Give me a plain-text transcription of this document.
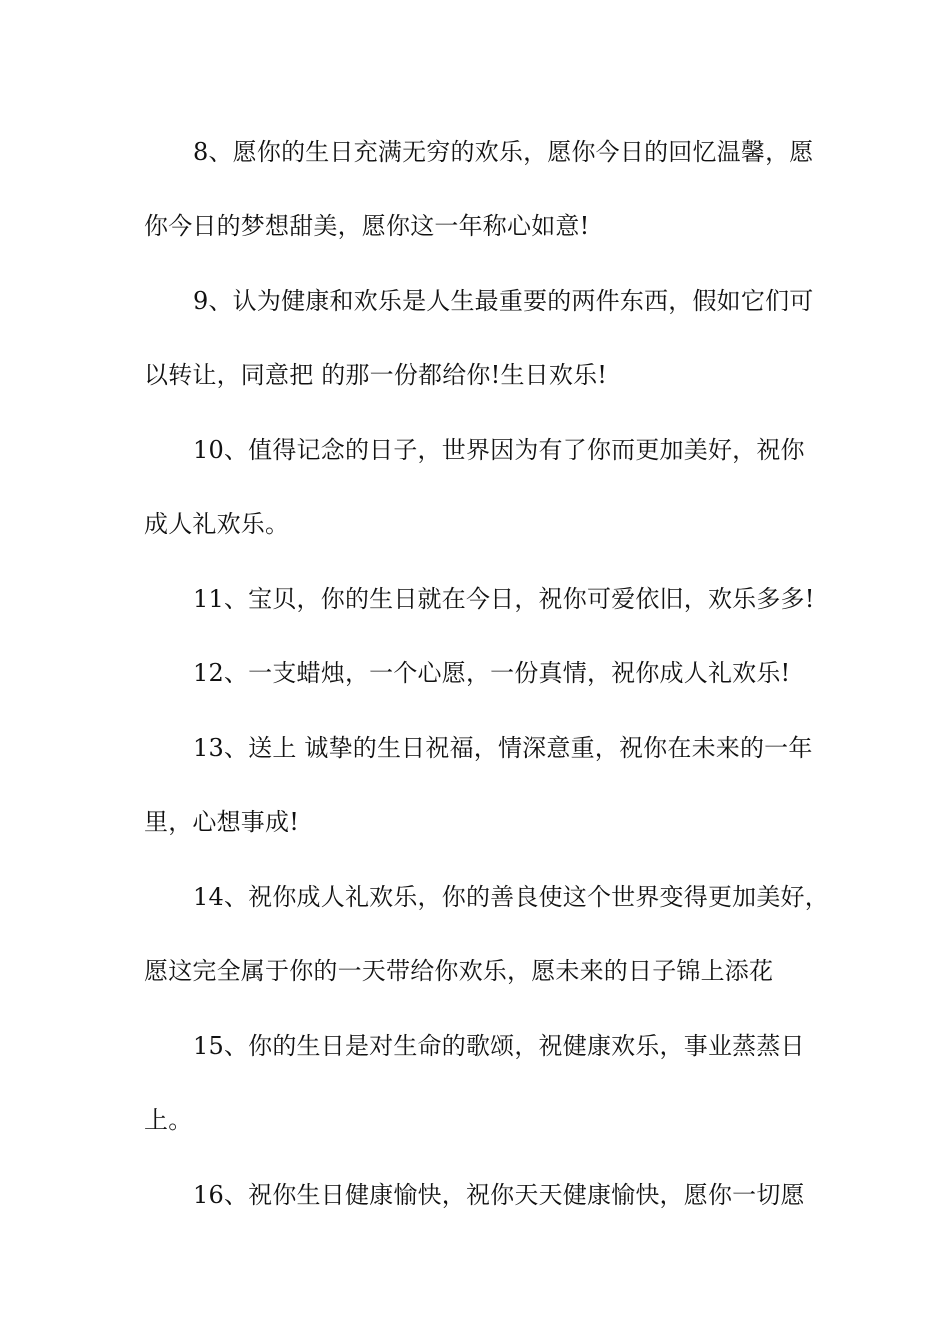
8、愿你的生日充满无穷的欢乐，愿你今日的回忆温馨，愿
你今日的梦想甜美，愿你这一年称心如意!
9、认为健康和欢乐是人生最重要的两件东西，假如它们可
以转让，同意把 的那一份都给你!生日欢乐!
10、值得记念的日子，世界因为有了你而更加美好，祝你
成人礼欢乐。
11、宝贝，你的生日就在今日，祝你可爱依旧，欢乐多多!
12、一支蜡烛，一个心愿，一份真情，祝你成人礼欢乐!
13、送上 诚挚的生日祝福，情深意重，祝你在未来的一年
里，心想事成!
14、祝你成人礼欢乐，你的善良使这个世界变得更加美好，
愿这完全属于你的一天带给你欢乐，愿未来的日子锦上添花
15、你的生日是对生命的歌颂，祝健康欢乐，事业蒸蒸日
上。
16、祝你生日健康愉快，祝你天天健康愉快，愿你一切愿
